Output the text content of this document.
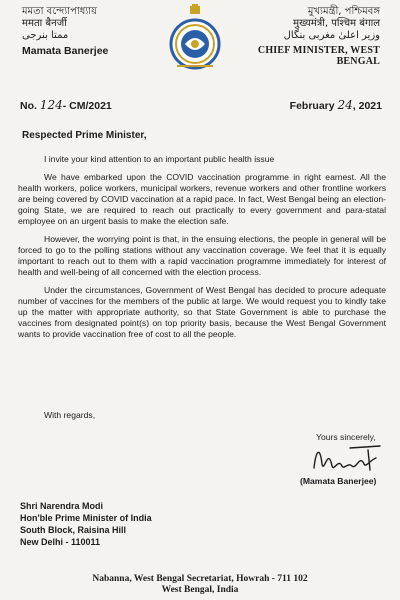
মমতা বন্দ্যোপাধ্যায়
ममता बैनर्जी
ممتا بنرجی
Mamata Banerjee
মুখ্যমন্ত্রী, পশ্চিমবঙ্গ
मुख्यमंत्री, पश्चिम बंगाल
وزیر اعلیٰ مغربی بنگال
CHIEF MINISTER, WEST BENGAL
No. 124- CM/2021	February 24, 2021
Respected Prime Minister,

I invite your kind attention to an important public health issue

We have embarked upon the COVID vaccination programme in right earnest. All the health workers, police workers, municipal workers, revenue workers and other frontline workers are being covered by COVID vaccination at a rapid pace. In fact, West Bengal being an election-going State, we are required to reach out practically to every government and para-statal employee on an urgent basis to make the election safe.

However, the worrying point is that, in the ensuing elections, the people in general will be forced to go to the polling stations without any vaccination coverage. We feel that it is equally important to reach out to them with a rapid vaccination programme immediately for interest of health and well-being of all concerned with the election process.

Under the circumstances, Government of West Bengal has decided to procure adequate number of vaccines for the members of the public at large. We would request you to kindly take up the matter with appropriate authority, so that State Government is able to purchase the vaccines from designated point(s) on top priority basis, because the West Bengal Government wants to provide vaccination free of cost to all the people.

With regards,
Yours sincerely,
(Mamata Banerjee)
Shri Narendra Modi
Hon'ble Prime Minister of India
South Block, Raisina Hill
New Delhi - 110011
Nabanna, West Bengal Secretariat, Howrah - 711 102
West Bengal, India
